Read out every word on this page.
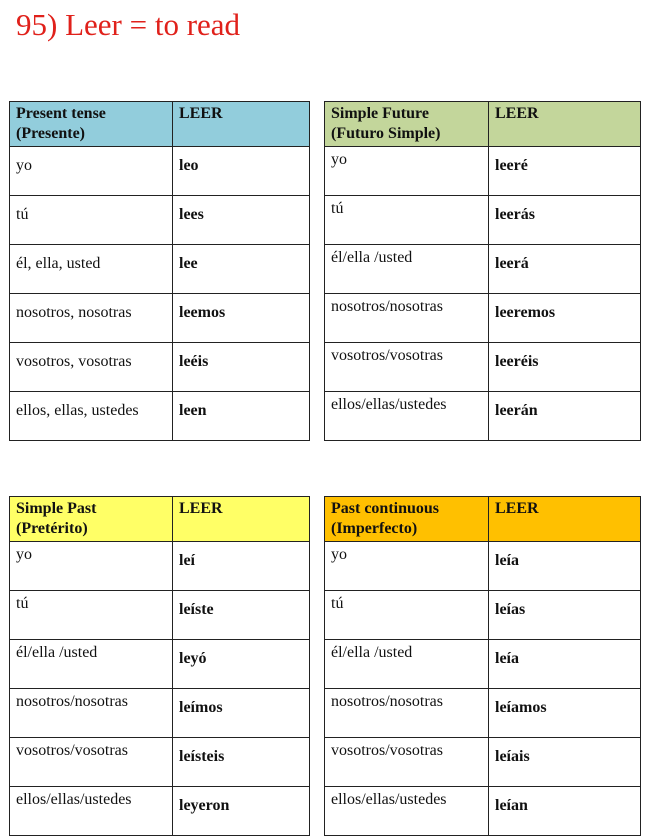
95) Leer = to read
Present tense
(Presente)	LEER
yo	leo
tú	lees
él, ella, usted	lee
nosotros, nosotras	leemos
vosotros, vosotras	leéis
ellos, ellas, ustedes	leen
Simple Future
(Futuro Simple)	LEER
yo	leeré
tú	leerás
él/ella /usted	leerá
nosotros/nosotras	leeremos
vosotros/vosotras	leeréis
ellos/ellas/ustedes	leerán
Simple Past
(Pretérito)	LEER
yo	leí
tú	leíste
él/ella /usted	leyó
nosotros/nosotras	leímos
vosotros/vosotras	leísteis
ellos/ellas/ustedes	leyeron
Past continuous
(Imperfecto)	LEER
yo	leía
tú	leías
él/ella /usted	leía
nosotros/nosotras	leíamos
vosotros/vosotras	leíais
ellos/ellas/ustedes	leían
